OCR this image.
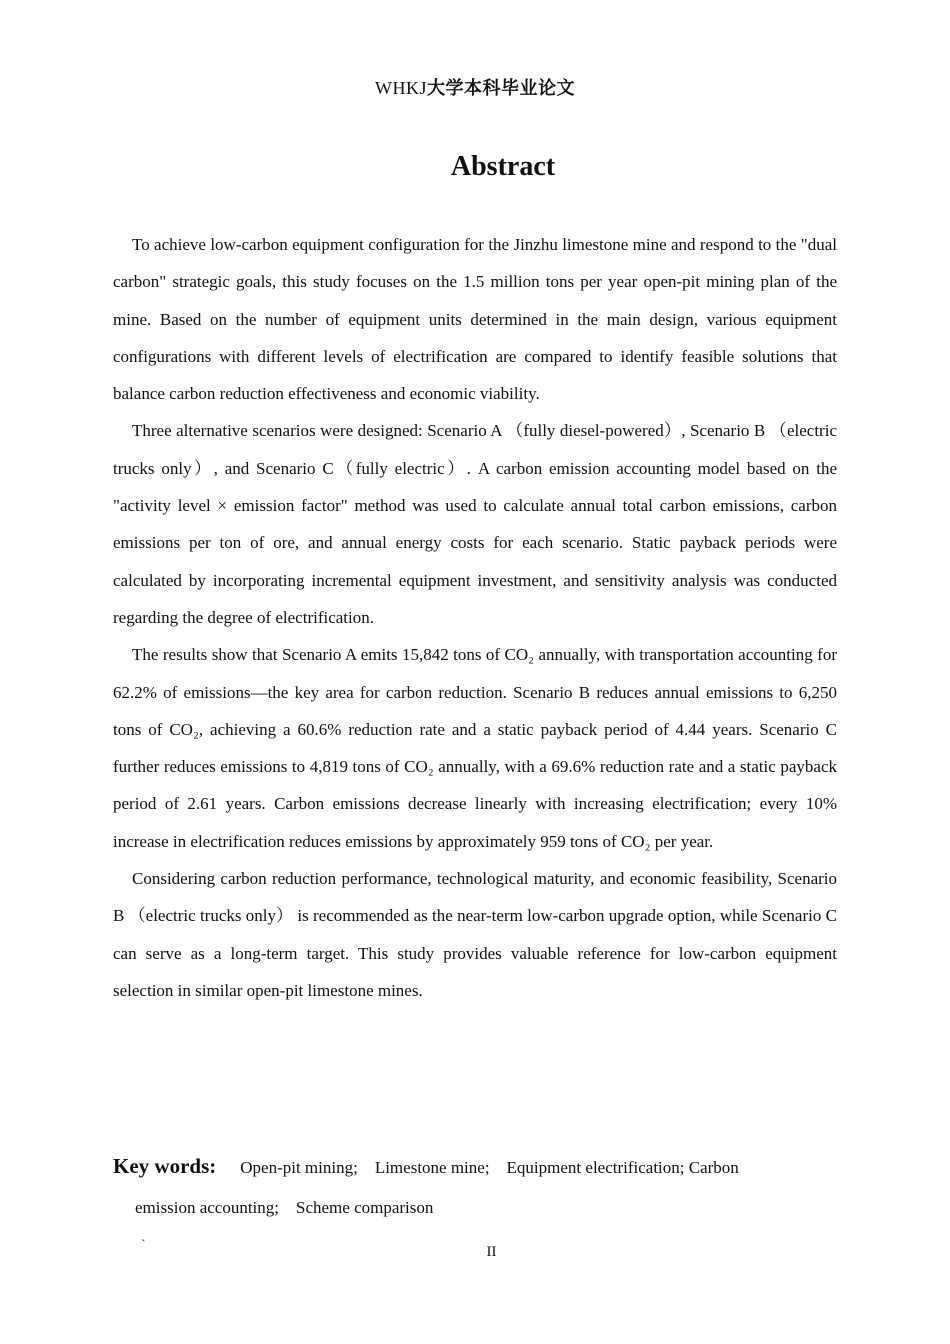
WHKJ大学本科毕业论文
Abstract

To achieve low-carbon equipment configuration for the Jinzhu limestone mine and respond to the "dual carbon" strategic goals, this study focuses on the 1.5 million tons per year open-pit mining plan of the mine. Based on the number of equipment units determined in the main design, various equipment configurations with different levels of electrification are compared to identify feasible solutions that balance carbon reduction effectiveness and economic viability.

Three alternative scenarios were designed: Scenario A （fully diesel-powered）, Scenario B （electric trucks only）, and Scenario C（fully electric）. A carbon emission accounting model based on the "activity level × emission factor" method was used to calculate annual total carbon emissions, carbon emissions per ton of ore, and annual energy costs for each scenario. Static payback periods were calculated by incorporating incremental equipment investment, and sensitivity analysis was conducted regarding the degree of electrification.

The results show that Scenario A emits 15,842 tons of CO₂ annually, with transportation accounting for 62.2% of emissions—the key area for carbon reduction. Scenario B reduces annual emissions to 6,250 tons of CO₂, achieving a 60.6% reduction rate and a static payback period of 4.44 years. Scenario C further reduces emissions to 4,819 tons of CO₂ annually, with a 69.6% reduction rate and a static payback period of 2.61 years. Carbon emissions decrease linearly with increasing electrification; every 10% increase in electrification reduces emissions by approximately 959 tons of CO₂ per year.

Considering carbon reduction performance, technological maturity, and economic feasibility, Scenario B （electric trucks only） is recommended as the near-term low-carbon upgrade option, while Scenario C can serve as a long-term target. This study provides valuable reference for low-carbon equipment selection in similar open-pit limestone mines.

Key words: Open-pit mining;　Limestone mine;　Equipment electrification; Carbon
emission accounting;　Scheme comparison
`	II
